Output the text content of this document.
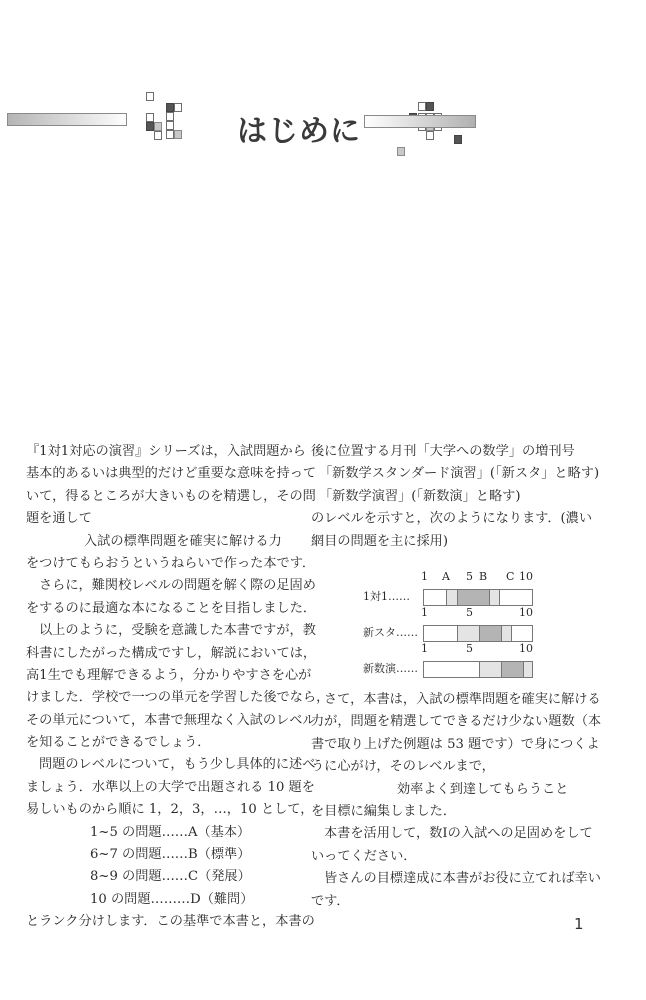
はじめに
『1対1対応の演習』シリーズは，入試問題から
基本的あるいは典型的だけど重要な意味を持って
いて，得るところが大きいものを精選し，その問
題を通して
入試の標準問題を確実に解ける力
をつけてもらおうというねらいで作った本です．
さらに，難関校レベルの問題を解く際の足固め
をするのに最適な本になることを目指しました．
以上のように，受験を意識した本書ですが，教
科書にしたがった構成ですし，解説においては，
高1生でも理解できるよう，分かりやすさを心が
けました．学校で一つの単元を学習した後でなら，
その単元について，本書で無理なく入試のレベル
を知ることができるでしょう．
問題のレベルについて，もう少し具体的に述べ
ましょう．水準以上の大学で出題される 10 題を
易しいものから順に 1，2，3，…，10 として，
1~5 の問題……A（基本）
6~7 の問題……B（標準）
8~9 の問題……C（発展）
10 の問題………D（難問）
とランク分けします．この基準で本書と，本書の
後に位置する月刊「大学への数学」の増刊号
「新数学スタンダード演習」(「新スタ」と略す)
「新数学演習」(「新数演」と略す)
のレベルを示すと，次のようになります．(濃い
網目の問題を主に採用)
1 A 5 B C 10
1対1……
1	5	10
新スタ……
1	5	10
新数演……
さて，本書は，入試の標準問題を確実に解ける
力が，問題を精選してできるだけ少ない題数（本
書で取り上げた例題は 53 題です）で身につくよ
うに心がけ，そのレベルまで，
効率よく到達してもらうこと
を目標に編集しました．
本書を活用して，数Ⅰの入試への足固めをして
いってください．
皆さんの目標達成に本書がお役に立てれば幸い
です．
1
